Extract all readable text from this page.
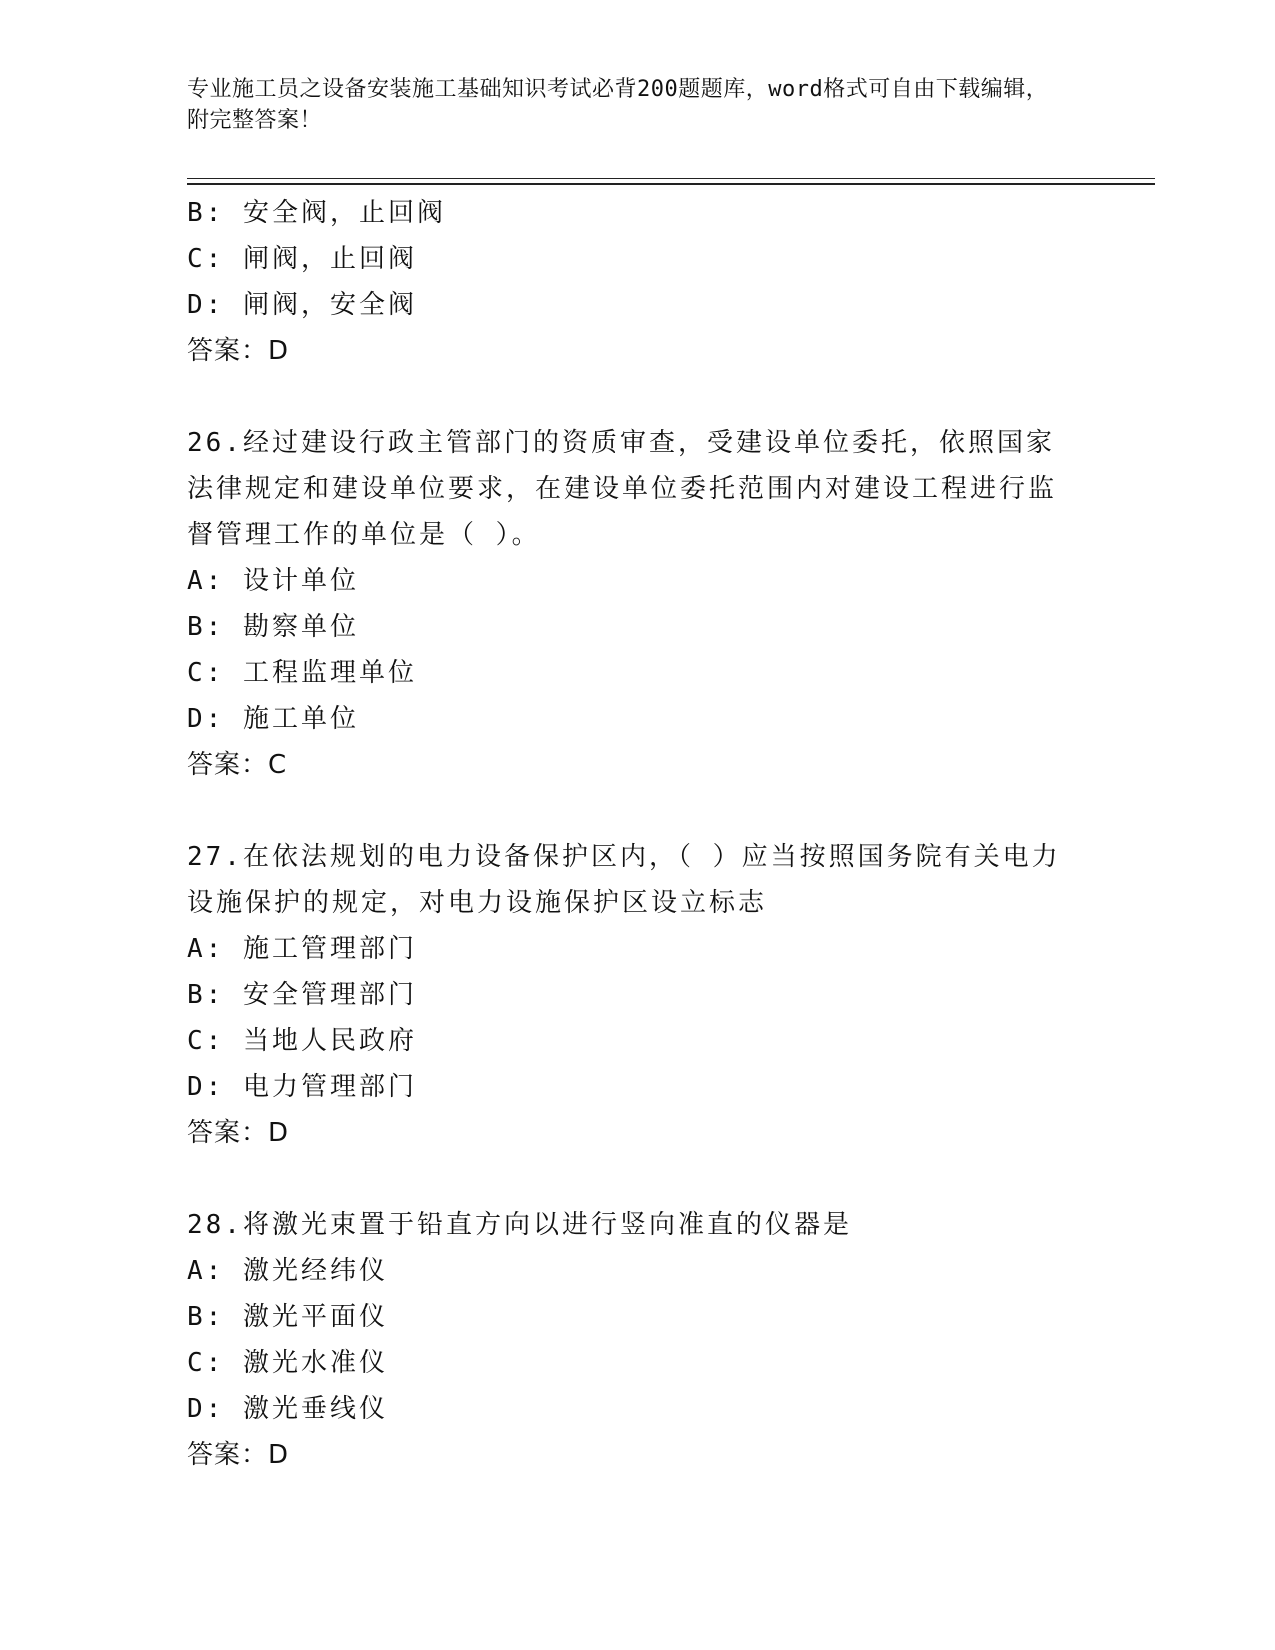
专业施工员之设备安装施工基础知识考试必背200题题库，word格式可自由下载编辑，附完整答案！
B: 安全阀，止回阀
C: 闸阀，止回阀
D: 闸阀，安全阀
答案：D
26.经过建设行政主管部门的资质审查，受建设单位委托，依照国家法律规定和建设单位要求，在建设单位委托范围内对建设工程进行监督管理工作的单位是（ ）。
A: 设计单位
B: 勘察单位
C: 工程监理单位
D: 施工单位
答案：C
27.在依法规划的电力设备保护区内，（ ）应当按照国务院有关电力设施保护的规定，对电力设施保护区设立标志
A: 施工管理部门
B: 安全管理部门
C: 当地人民政府
D: 电力管理部门
答案：D
28.将激光束置于铅直方向以进行竖向准直的仪器是
A: 激光经纬仪
B: 激光平面仪
C: 激光水准仪
D: 激光垂线仪
答案：D
